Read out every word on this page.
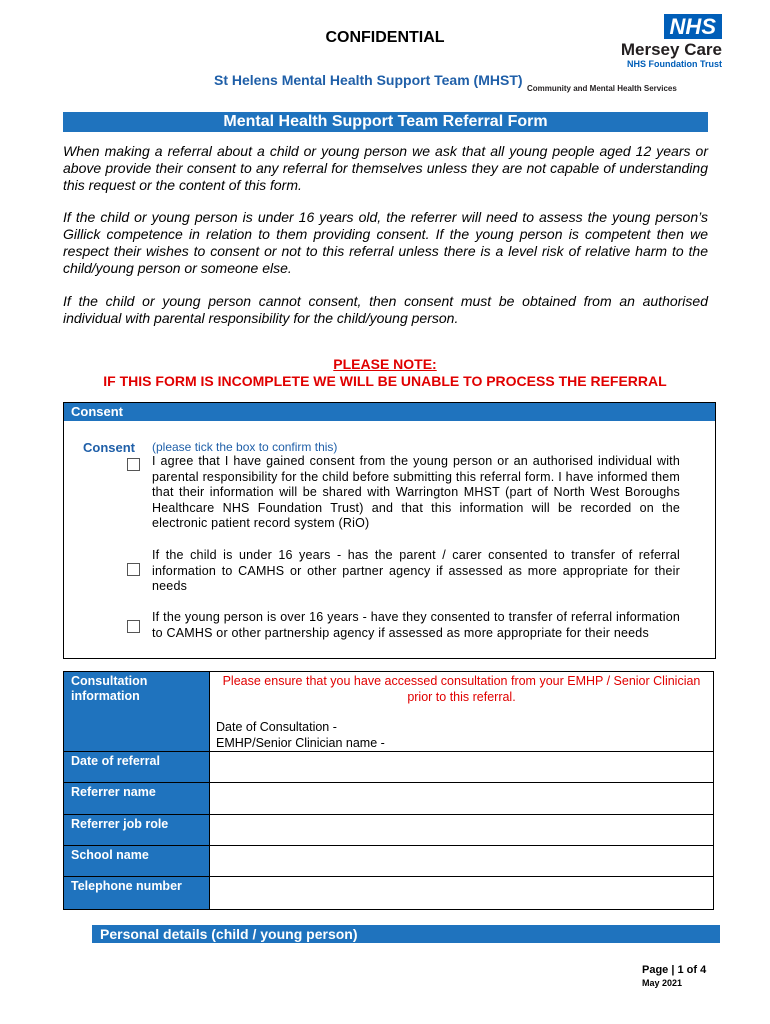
CONFIDENTIAL
St Helens Mental Health Support Team (MHST)
NHS
Mersey Care
NHS Foundation Trust
Community and Mental Health Services
Mental Health Support Team Referral Form
When making a referral about a child or young person we ask that all young people aged 12 years or above provide their consent to any referral for themselves unless they are not capable of understanding this request or the content of this form.
If the child or young person is under 16 years old, the referrer will need to assess the young person’s Gillick competence in relation to them providing consent. If the young person is competent then we respect their wishes to consent or not to this referral unless there is a level risk of relative harm to the child/young person or someone else.
If the child or young person cannot consent, then consent must be obtained from an authorised individual with parental responsibility for the child/young person.
PLEASE NOTE:
IF THIS FORM IS INCOMPLETE WE WILL BE UNABLE TO PROCESS THE REFERRAL
Consent
Consent (please tick the box to confirm this)
I agree that I have gained consent from the young person or an authorised individual with parental responsibility for the child before submitting this referral form. I have informed them that their information will be shared with Warrington MHST (part of North West Boroughs Healthcare NHS Foundation Trust) and that this information will be recorded on the electronic patient record system (RiO)
If the child is under 16 years - has the parent / carer consented to transfer of referral information to CAMHS or other partner agency if assessed as more appropriate for their needs
If the young person is over 16 years - have they consented to transfer of referral information to CAMHS or other partnership agency if assessed as more appropriate for their needs
Consultation information	Please ensure that you have accessed consultation from your EMHP / Senior Clinician prior to this referral.
Date of Consultation -
EMHP/Senior Clinician name -

Date of referral	
Referrer name	
Referrer job role	
School name	
Telephone number	
Personal details (child / young person)
Page | 1 of 4
May 2021
